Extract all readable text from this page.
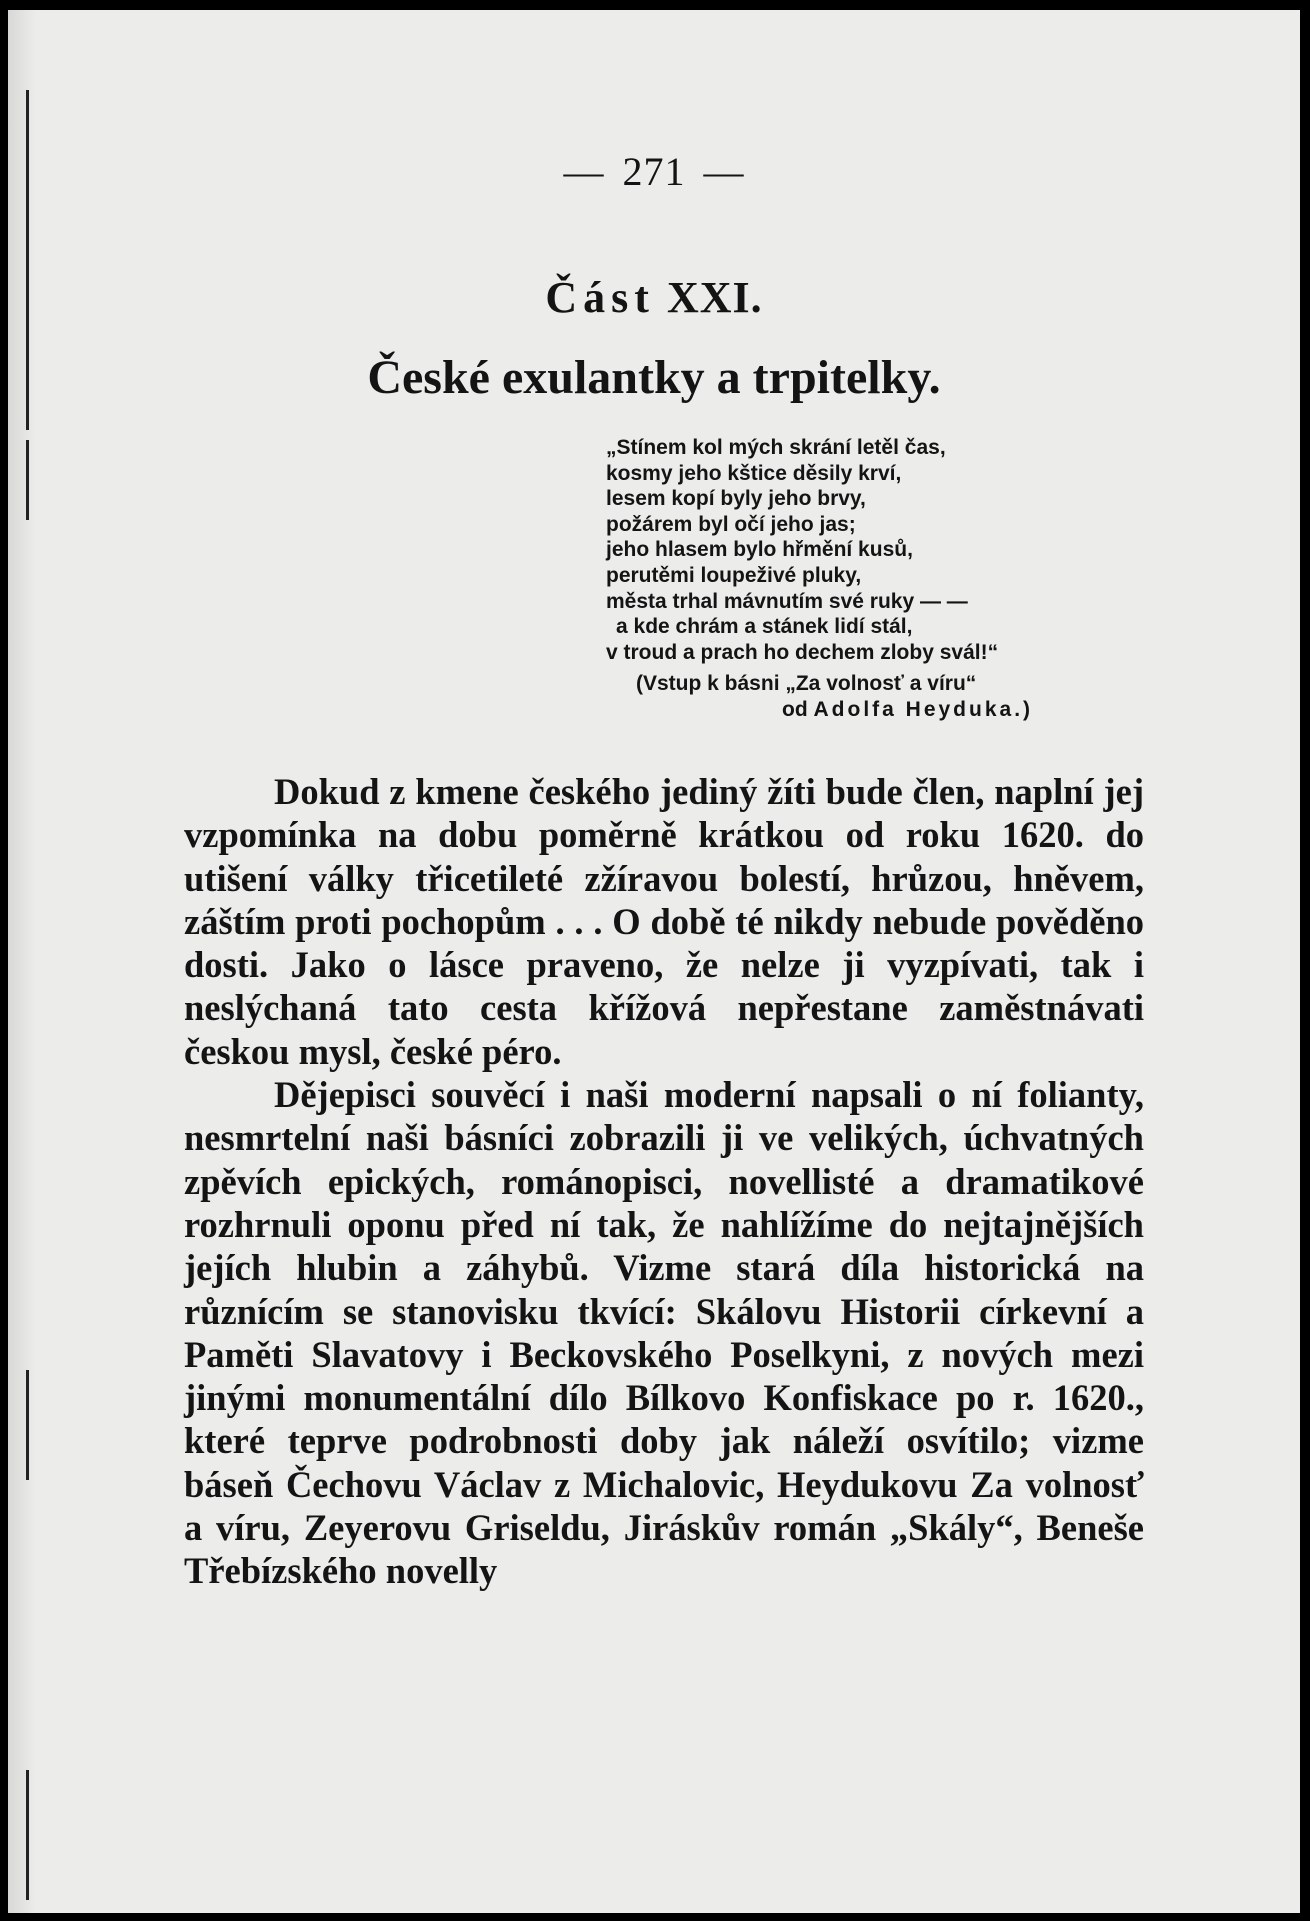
— 271 —
Část XXI.
České exulantky a trpitelky.
„Stínem kol mých skrání letěl čas,
kosmy jeho kštice děsily krví,
lesem kopí byly jeho brvy,
požárem byl očí jeho jas;
jeho hlasem bylo hřmění kusů,
perutěmi loupeživé pluky,
města trhal mávnutím své ruky — —
a kde chrám a stánek lidí stál,
v troud a prach ho dechem zloby svál!“
(Vstup k básni „Za volnosť a víru“
od Adolfa Heyduka.)

Dokud z kmene českého jediný žíti bude člen, naplní jej vzpomínka na dobu poměrně krátkou od roku 1620. do utišení války třicetileté zžíravou bolestí, hrůzou, hněvem, záštím proti pochopům . . . O době té nikdy nebude pověděno dosti. Jako o lásce praveno, že nelze ji vyzpívati, tak i neslýchaná tato cesta křížová nepřestane zaměstnávati českou mysl, české péro.

Dějepisci souvěcí i naši moderní napsali o ní folianty, nesmrtelní naši básníci zobrazili ji ve velikých, úchvatných zpěvích epických, románopisci, novellisté a dramatikové rozhrnuli oponu před ní tak, že nahlížíme do nejtajnějších jejích hlubin a záhybů. Vizme stará díla historická na různícím se stanovisku tkvící: Skálovu Historii církevní a Paměti Slavatovy i Beckovského Poselkyni, z nových mezi jinými monumentální dílo Bílkovo Konfiskace po r. 1620., které teprve podrobnosti doby jak náleží osvítilo; vizme báseň Čechovu Václav z Michalovic, Heydukovu Za volnosť a víru, Zeyerovu Griseldu, Jiráskův román „Skály“, Beneše Třebízského novelly
